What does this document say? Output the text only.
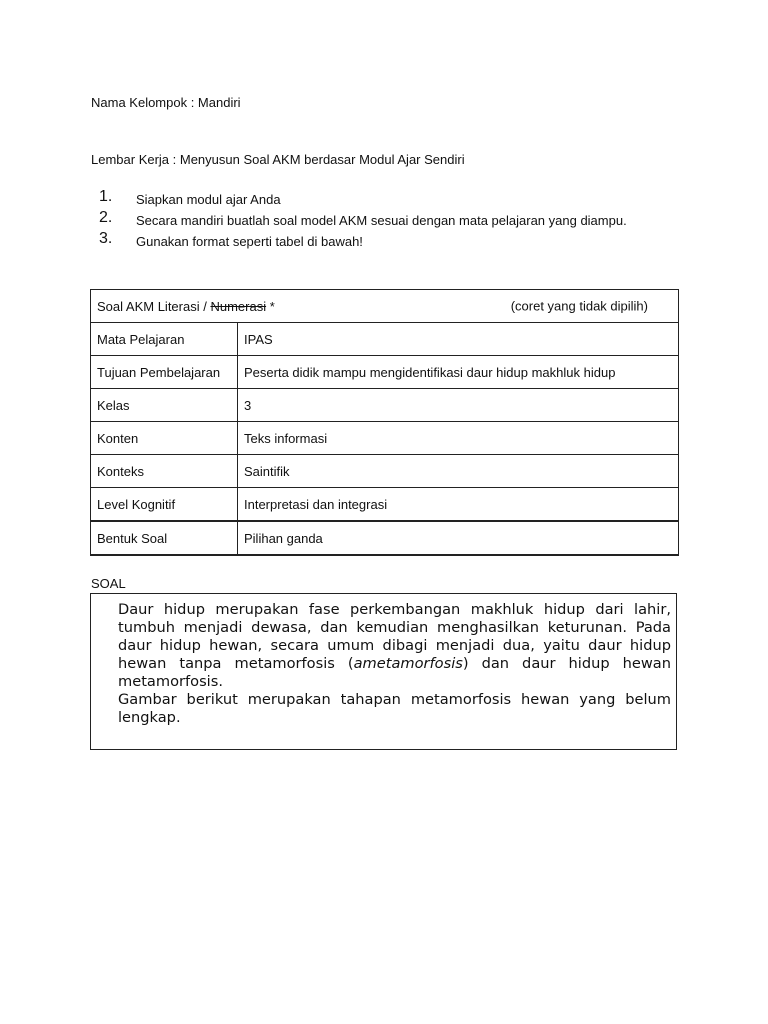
Nama Kelompok : Mandiri
Lembar Kerja : Menyusun Soal AKM berdasar Modul Ajar Sendiri
1. Siapkan modul ajar Anda
2. Secara mandiri buatlah soal model AKM sesuai dengan mata pelajaran yang diampu.
3. Gunakan format seperti tabel di bawah!
Soal AKM Literasi / Numerasi * (coret yang tidak dipilih)	

Mata Pelajaran	IPAS
Tujuan Pembelajaran	Peserta didik mampu mengidentifikasi daur hidup makhluk hidup
Kelas	3
Konten	Teks informasi
Konteks	Saintifik
Level Kognitif	Interpretasi dan integrasi
Bentuk Soal	Pilihan ganda
SOAL

Daur hidup merupakan fase perkembangan makhluk hidup dari lahir, tumbuh menjadi dewasa, dan kemudian menghasilkan keturunan. Pada daur hidup hewan, secara umum dibagi menjadi dua, yaitu daur hidup hewan tanpa metamorfosis (ametamorfosis) dan daur hidup hewan metamorfosis.

Gambar berikut merupakan tahapan metamorfosis hewan yang belum lengkap.
